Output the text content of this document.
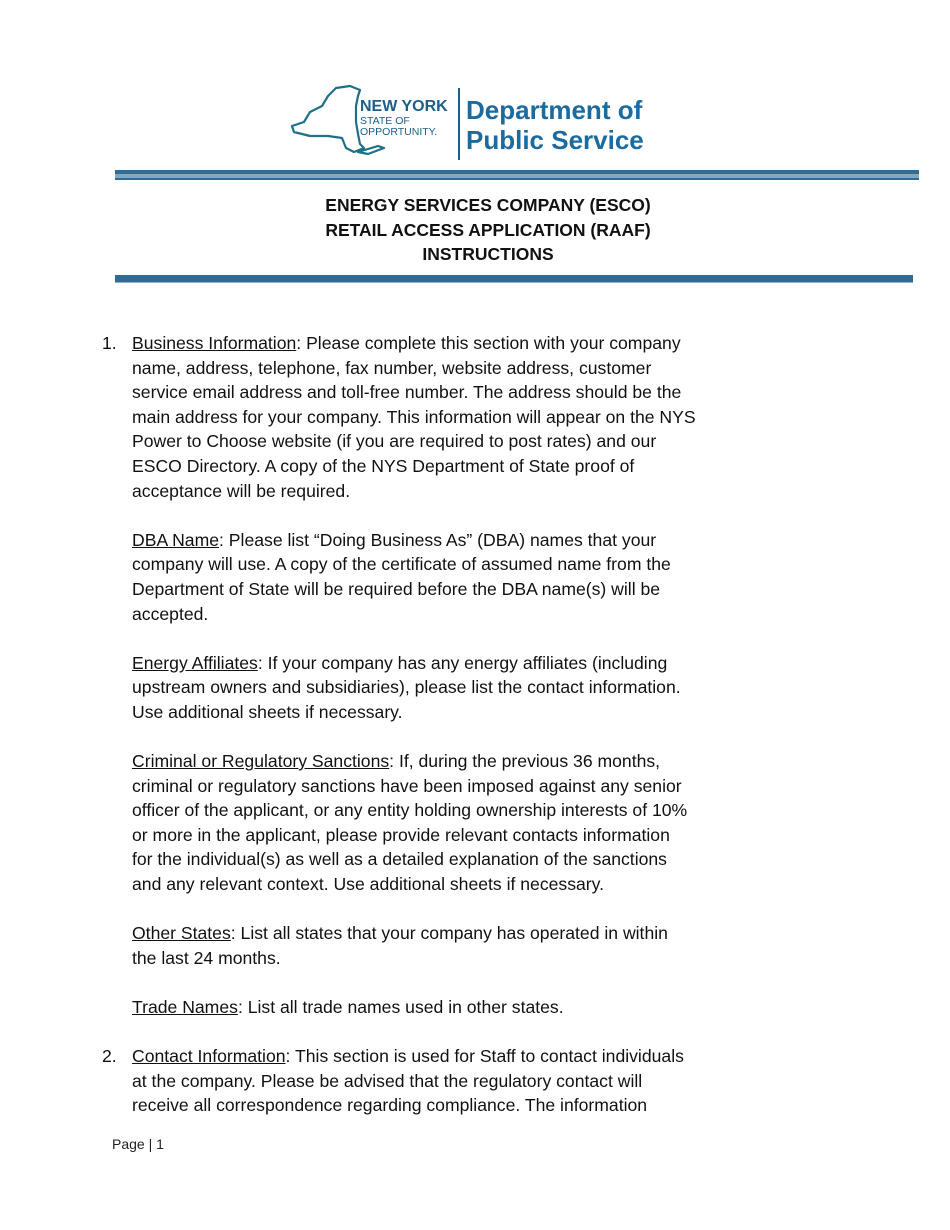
NEW YORK
STATE OF
OPPORTUNITY.
Department of
Public Service
ENERGY SERVICES COMPANY (ESCO)
RETAIL ACCESS APPLICATION (RAAF)
INSTRUCTIONS
1. Business Information: Please complete this section with your company
name, address, telephone, fax number, website address, customer
service email address and toll-free number. The address should be the
main address for your company. This information will appear on the NYS
Power to Choose website (if you are required to post rates) and our
ESCO Directory. A copy of the NYS Department of State proof of
acceptance will be required.
DBA Name: Please list “Doing Business As” (DBA) names that your
company will use. A copy of the certificate of assumed name from the
Department of State will be required before the DBA name(s) will be
accepted.
Energy Affiliates: If your company has any energy affiliates (including
upstream owners and subsidiaries), please list the contact information.
Use additional sheets if necessary.
Criminal or Regulatory Sanctions: If, during the previous 36 months,
criminal or regulatory sanctions have been imposed against any senior
officer of the applicant, or any entity holding ownership interests of 10%
or more in the applicant, please provide relevant contacts information
for the individual(s) as well as a detailed explanation of the sanctions
and any relevant context. Use additional sheets if necessary.
Other States: List all states that your company has operated in within
the last 24 months.
Trade Names: List all trade names used in other states.
2. Contact Information: This section is used for Staff to contact individuals
at the company. Please be advised that the regulatory contact will
receive all correspondence regarding compliance. The information
Page | 1
